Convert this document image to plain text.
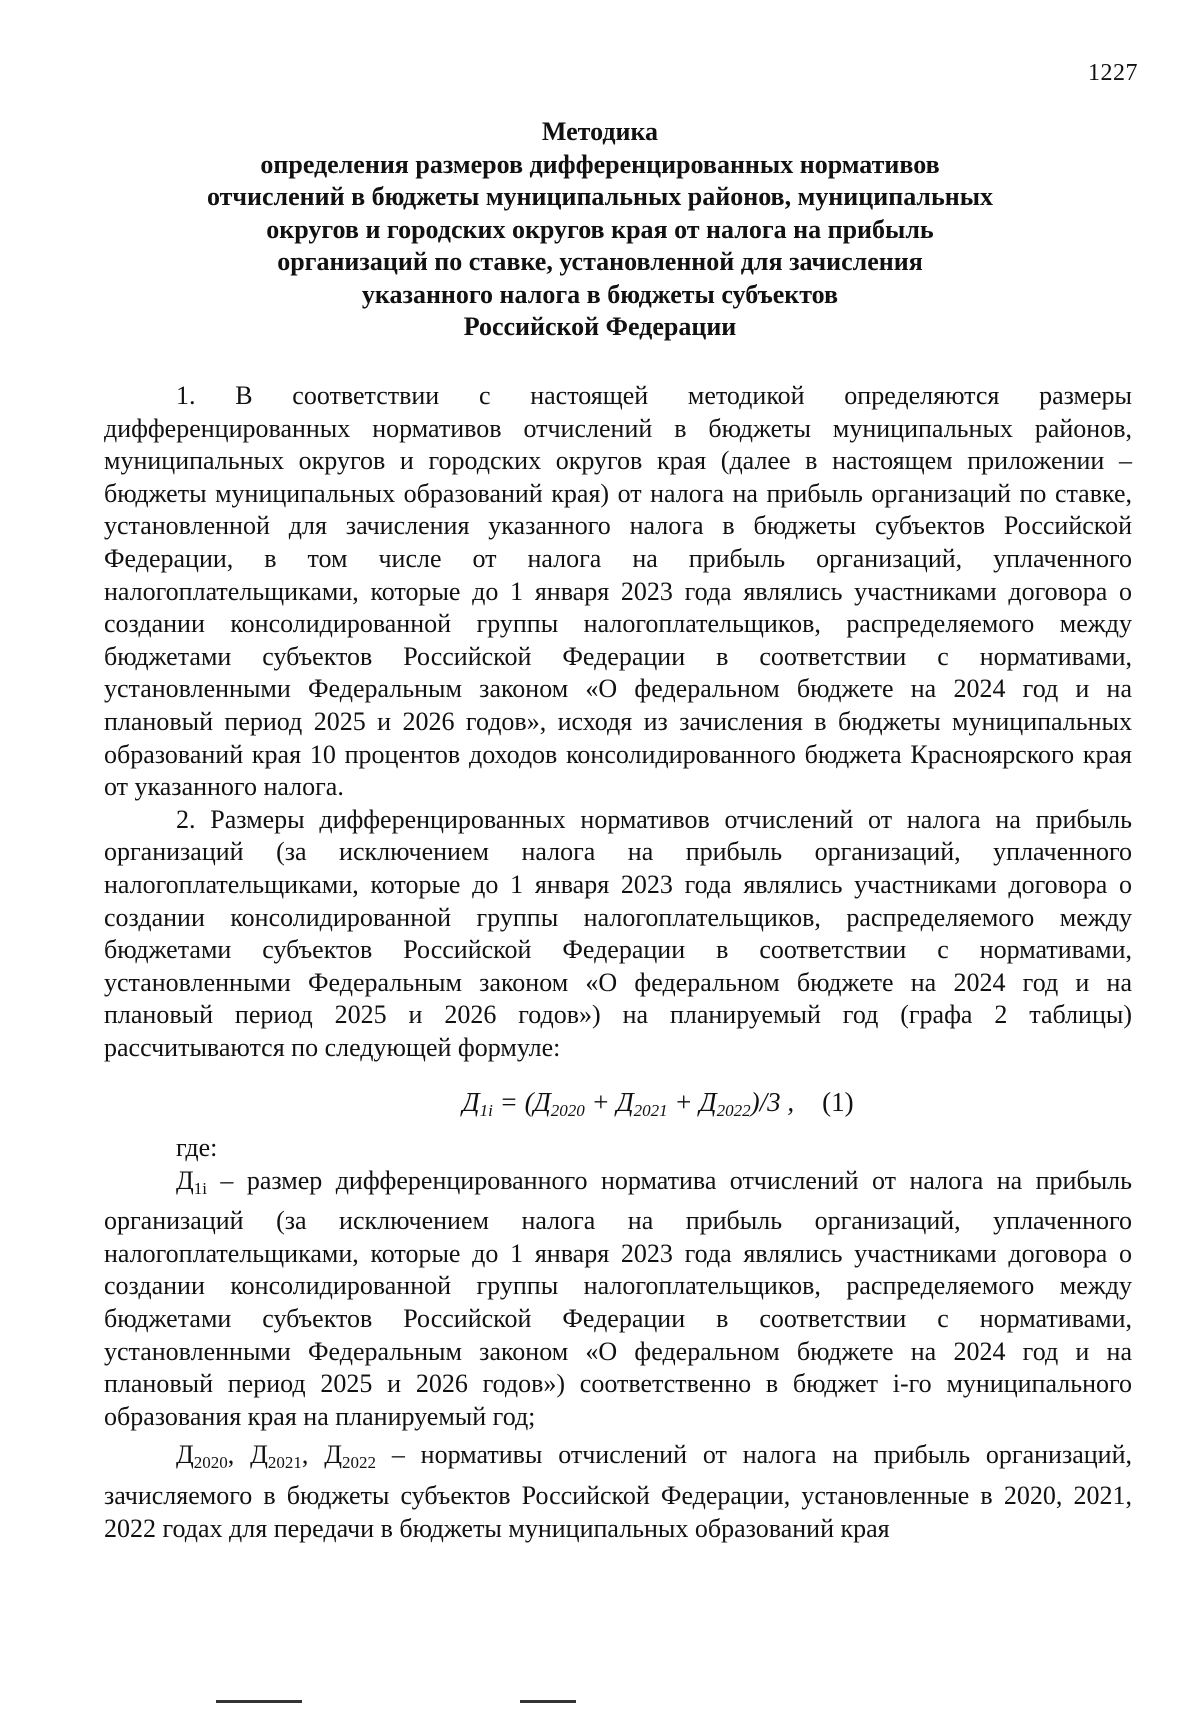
1227
Методика
определения размеров дифференцированных нормативов
отчислений в бюджеты муниципальных районов, муниципальных
округов и городских округов края от налога на прибыль
организаций по ставке, установленной для зачисления
указанного налога в бюджеты субъектов
Российской Федерации

1. В соответствии с настоящей методикой определяются размеры дифференцированных нормативов отчислений в бюджеты муниципальных районов, муниципальных округов и городских округов края (далее в настоящем приложении – бюджеты муниципальных образований края) от налога на прибыль организаций по ставке, установленной для зачисления указанного налога в бюджеты субъектов Российской Федерации, в том числе от налога на прибыль организаций, уплаченного налогоплательщиками, которые до 1 января 2023 года являлись участниками договора о создании консолидированной группы налогоплательщиков, распределяемого между бюджетами субъектов Российской Федерации в соответствии с нормативами, установленными Федеральным законом «О федеральном бюджете на 2024 год и на плановый период 2025 и 2026 годов», исходя из зачисления в бюджеты муниципальных образований края 10 процентов доходов консолидированного бюджета Красноярского края от указанного налога.

2. Размеры дифференцированных нормативов отчислений от налога на прибыль организаций (за исключением налога на прибыль организаций, уплаченного налогоплательщиками, которые до 1 января 2023 года являлись участниками договора о создании консолидированной группы налогоплательщиков, распределяемого между бюджетами субъектов Российской Федерации в соответствии с нормативами, установленными Федеральным законом «О федеральном бюджете на 2024 год и на плановый период 2025 и 2026 годов») на планируемый год (графа 2 таблицы) рассчитываются по следующей формуле:

$Д_{1i} = (Д_{2020} + Д_{2021} + Д_{2022})/3$ , (1)

где:

$Д_{1i}$ – размер дифференцированного норматива отчислений от налога на прибыль организаций (за исключением налога на прибыль организаций, уплаченного налогоплательщиками, которые до 1 января 2023 года являлись участниками договора о создании консолидированной группы налогоплательщиков, распределяемого между бюджетами субъектов Российской Федерации в соответствии с нормативами, установленными Федеральным законом «О федеральном бюджете на 2024 год и на плановый период 2025 и 2026 годов») соответственно в бюджет i-го муниципального образования края на планируемый год;

$Д_{2020}$, $Д_{2021}$, $Д_{2022}$ – нормативы отчислений от налога на прибыль организаций, зачисляемого в бюджеты субъектов Российской Федерации, установленные в 2020, 2021, 2022 годах для передачи в бюджеты муниципальных образований края
